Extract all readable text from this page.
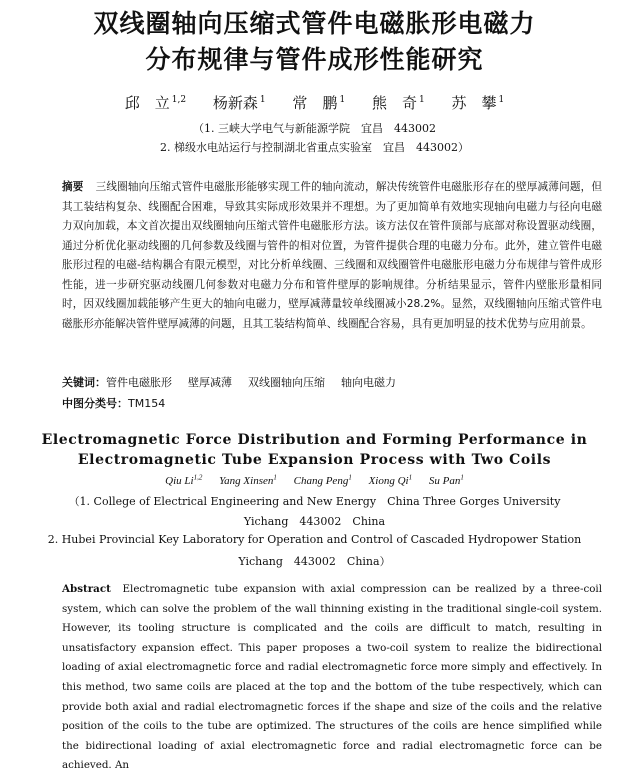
双线圈轴向压缩式管件电磁胀形电磁力
分布规律与管件成形性能研究
邱　立 $^{1,2}$ 杨新森 $^1$ 常　鹏 $^1$ 熊　奇 $^1$ 苏　攀 $^1$
（1. 三峡大学电气与新能源学院　宜昌　443002
2. 梯级水电站运行与控制湖北省重点实验室　宜昌　443002）
摘要 三线圈轴向压缩式管件电磁胀形能够实现工件的轴向流动，解决传统管件电磁胀形存在的壁厚减薄问题，但其工装结构复杂、线圈配合困难，导致其实际成形效果并不理想。为了更加简单有效地实现轴向电磁力与径向电磁力双向加载，本文首次提出双线圈轴向压缩式管件电磁胀形方法。该方法仅在管件顶部与底部对称设置驱动线圈，通过分析优化驱动线圈的几何参数及线圈与管件的相对位置，为管件提供合理的电磁力分布。此外，建立管件电磁胀形过程的电磁-结构耦合有限元模型，对比分析单线圈、三线圈和双线圈管件电磁胀形电磁力分布规律与管件成形性能，进一步研究驱动线圈几何参数对电磁力分布和管件壁厚的影响规律。分析结果显示，管件内壁胀形量相同时，因双线圈加载能够产生更大的轴向电磁力，壁厚减薄量较单线圈减小28.2%。显然，双线圈轴向压缩式管件电磁胀形亦能解决管件壁厚减薄的问题，且其工装结构简单、线圈配合容易，具有更加明显的技术优势与应用前景。
关键词：管件电磁胀形 壁厚减薄 双线圈轴向压缩 轴向电磁力
中图分类号：TM154
Electromagnetic Force Distribution and Forming Performance in
Electromagnetic Tube Expansion Process with Two Coils
Qiu Li$^{1,2}$ Yang Xinsen$^1$ Chang Peng$^1$ Xiong Qi$^1$ Su Pan$^1$
（1. College of Electrical Engineering and New Energy　China Three Gorges University
Yichang　443002　China
2. Hubei Provincial Key Laboratory for Operation and Control of Cascaded Hydropower Station
Yichang　443002　China）
Abstract Electromagnetic tube expansion with axial compression can be realized by a three-coil system, which can solve the problem of the wall thinning existing in the traditional single-coil system. However, its tooling structure is complicated and the coils are difficult to match, resulting in unsatisfactory expansion effect. This paper proposes a two-coil system to realize the bidirectional loading of axial electromagnetic force and radial electromagnetic force more simply and effectively. In this method, two same coils are placed at the top and the bottom of the tube respectively, which can provide both axial and radial electromagnetic forces if the shape and size of the coils and the relative position of the coils to the tube are optimized. The structures of the coils are hence simplified while the bidirectional loading of axial electromagnetic force and radial electromagnetic force can be achieved. An
